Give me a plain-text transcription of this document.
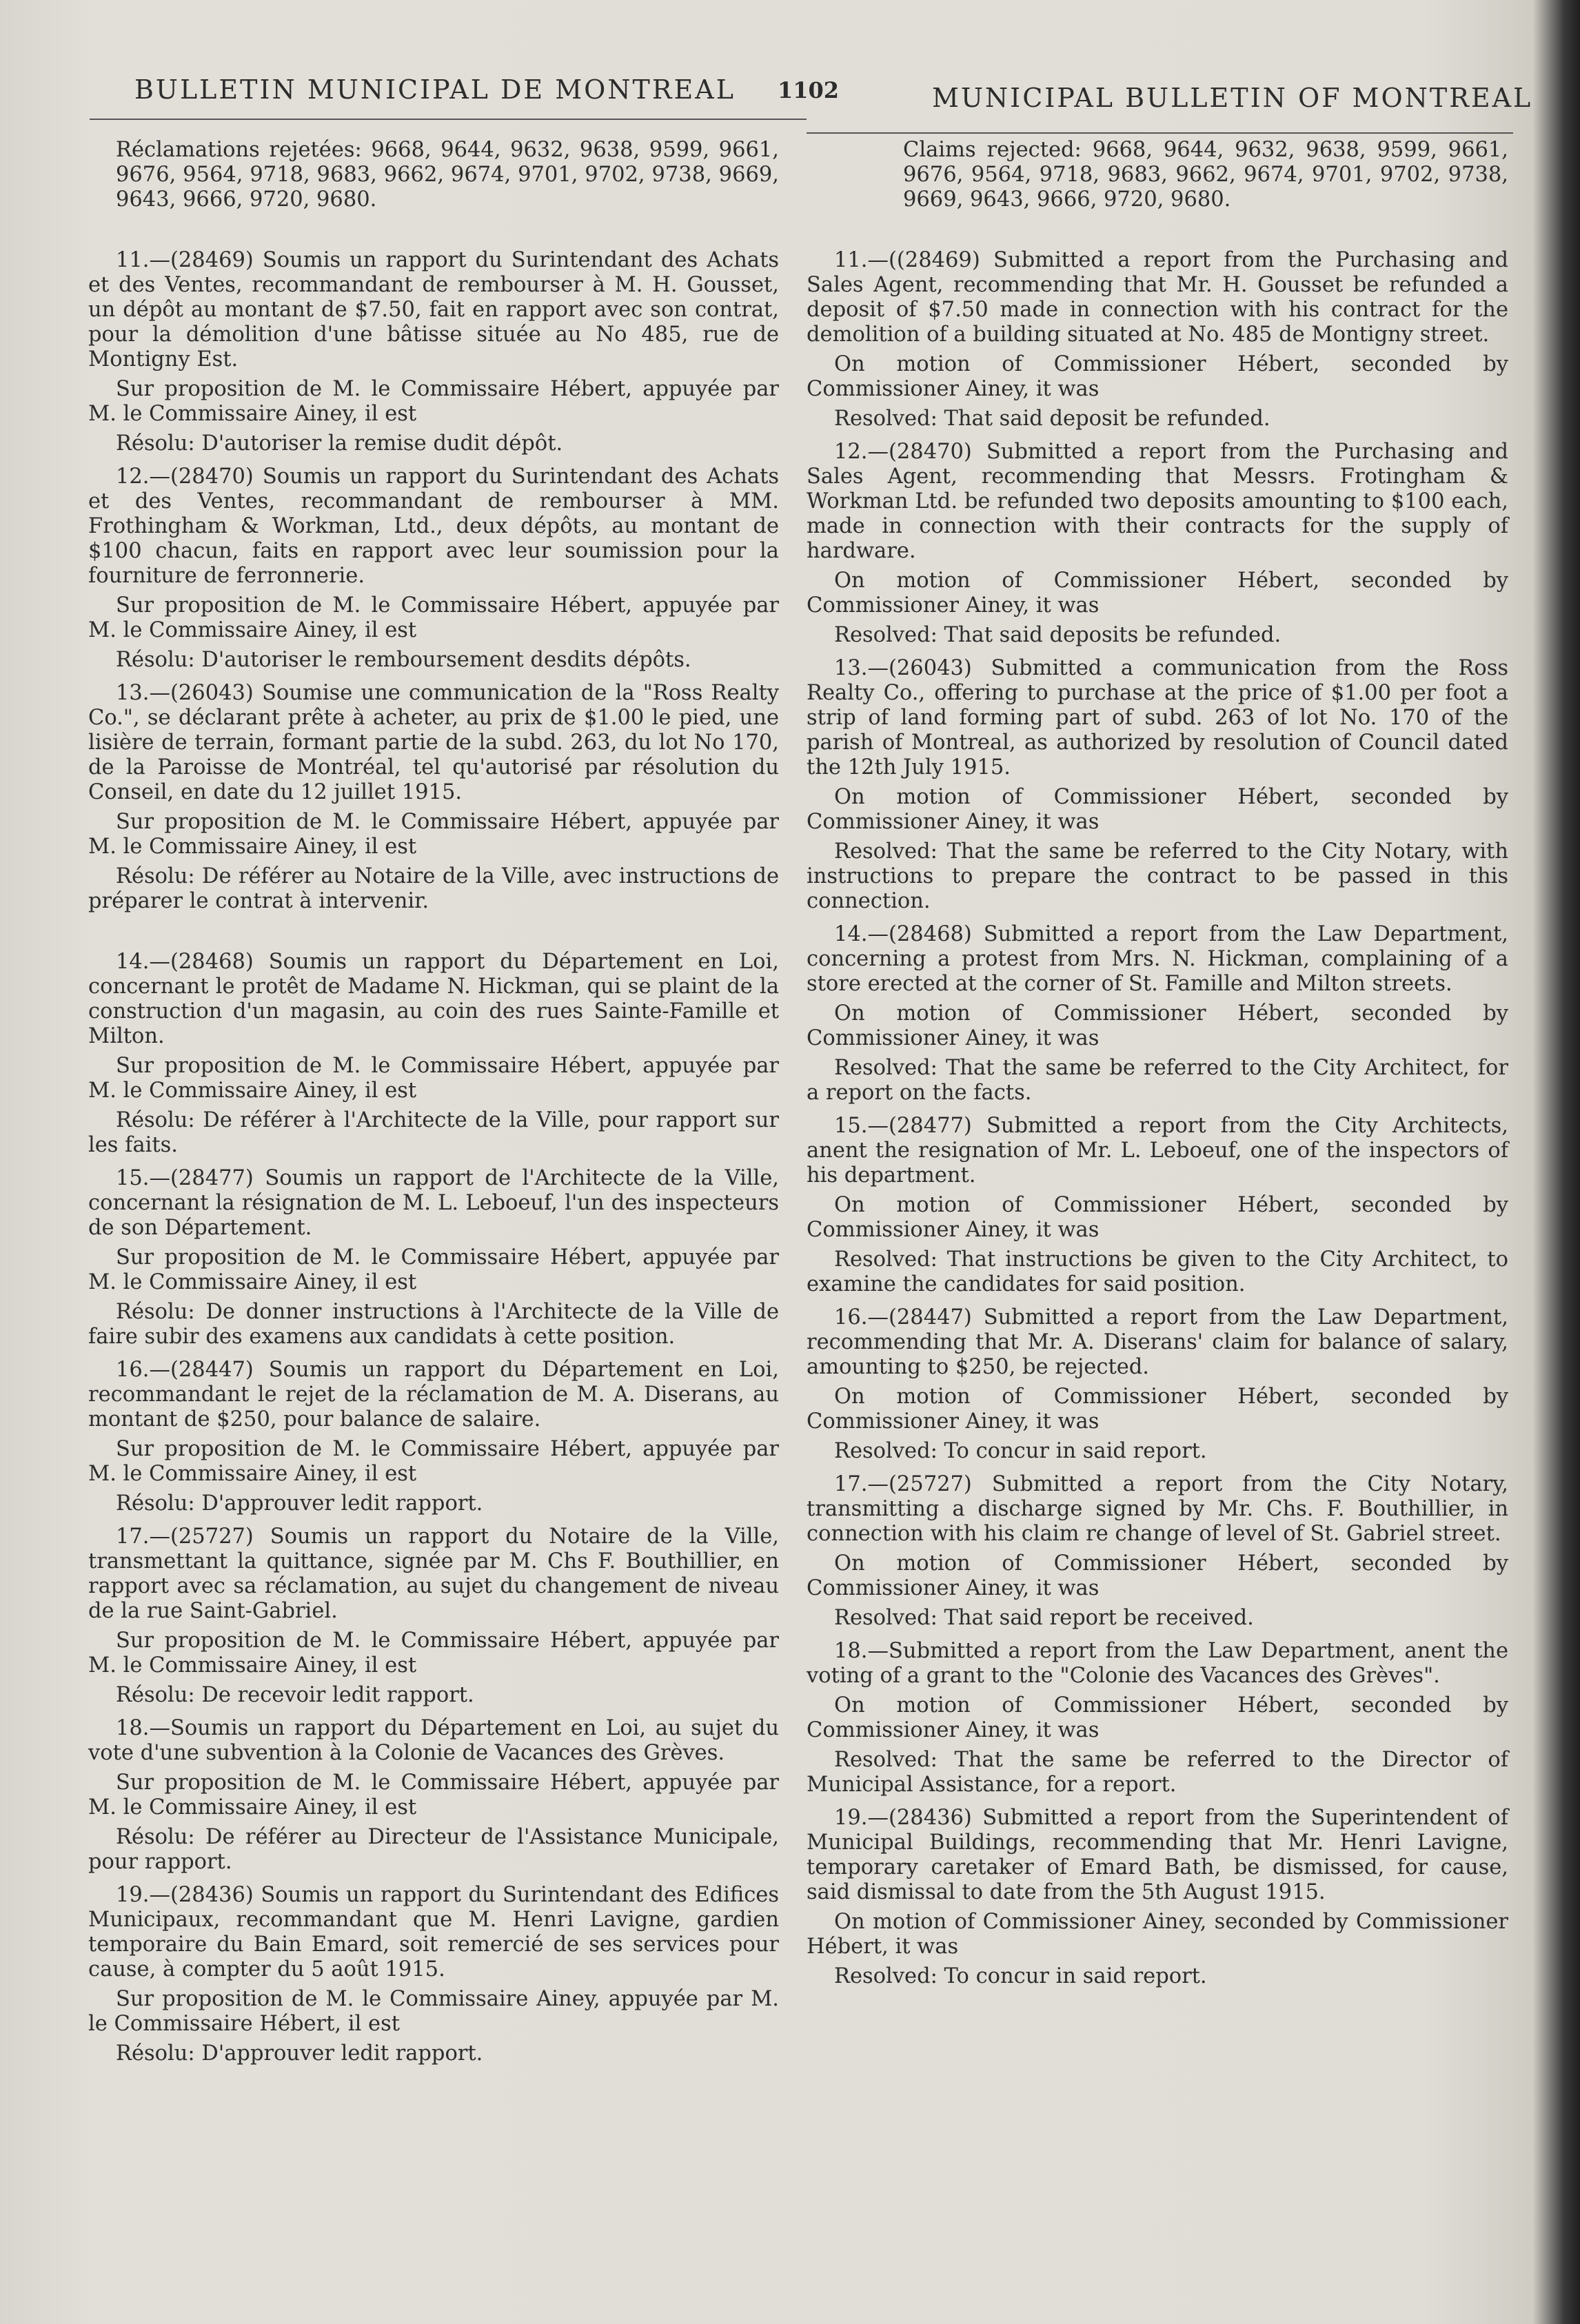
BULLETIN MUNICIPAL DE MONTREAL 1102	MUNICIPAL BULLETIN OF MONTREAL

Réclamations rejetées: 9668, 9644, 9632, 9638, 9599, 9661, 9676, 9564, 9718, 9683, 9662, 9674, 9701, 9702, 9738, 9669, 9643, 9666, 9720, 9680.

11.—(28469) Soumis un rapport du Surintendant des Achats et des Ventes, recommandant de rembourser à M. H. Gousset, un dépôt au montant de $7.50, fait en rapport avec son contrat, pour la démolition d'une bâtisse située au No 485, rue de Montigny Est.

Sur proposition de M. le Commissaire Hébert, appuyée par M. le Commissaire Ainey, il est

Résolu: D'autoriser la remise dudit dépôt.

12.—(28470) Soumis un rapport du Surintendant des Achats et des Ventes, recommandant de rembourser à MM. Frothingham & Workman, Ltd., deux dépôts, au montant de $100 chacun, faits en rapport avec leur soumission pour la fourniture de ferronnerie.

Sur proposition de M. le Commissaire Hébert, appuyée par M. le Commissaire Ainey, il est

Résolu: D'autoriser le remboursement desdits dépôts.

13.—(26043) Soumise une communication de la "Ross Realty Co.", se déclarant prête à acheter, au prix de $1.00 le pied, une lisière de terrain, formant partie de la subd. 263, du lot No 170, de la Paroisse de Montréal, tel qu'autorisé par résolution du Conseil, en date du 12 juillet 1915.

Sur proposition de M. le Commissaire Hébert, appuyée par M. le Commissaire Ainey, il est

Résolu: De référer au Notaire de la Ville, avec instructions de préparer le contrat à intervenir.

14.—(28468) Soumis un rapport du Département en Loi, concernant le protêt de Madame N. Hickman, qui se plaint de la construction d'un magasin, au coin des rues Sainte-Famille et Milton.

Sur proposition de M. le Commissaire Hébert, appuyée par M. le Commissaire Ainey, il est

Résolu: De référer à l'Architecte de la Ville, pour rapport sur les faits.

15.—(28477) Soumis un rapport de l'Architecte de la Ville, concernant la résignation de M. L. Leboeuf, l'un des inspecteurs de son Département.

Sur proposition de M. le Commissaire Hébert, appuyée par M. le Commissaire Ainey, il est

Résolu: De donner instructions à l'Architecte de la Ville de faire subir des examens aux candidats à cette position.

16.—(28447) Soumis un rapport du Département en Loi, recommandant le rejet de la réclamation de M. A. Diserans, au montant de $250, pour balance de salaire.

Sur proposition de M. le Commissaire Hébert, appuyée par M. le Commissaire Ainey, il est

Résolu: D'approuver ledit rapport.

17.—(25727) Soumis un rapport du Notaire de la Ville, transmettant la quittance, signée par M. Chs F. Bouthillier, en rapport avec sa réclamation, au sujet du changement de niveau de la rue Saint-Gabriel.

Sur proposition de M. le Commissaire Hébert, appuyée par M. le Commissaire Ainey, il est

Résolu: De recevoir ledit rapport.

18.—Soumis un rapport du Département en Loi, au sujet du vote d'une subvention à la Colonie de Vacances des Grèves.

Sur proposition de M. le Commissaire Hébert, appuyée par M. le Commissaire Ainey, il est

Résolu: De référer au Directeur de l'Assistance Municipale, pour rapport.

19.—(28436) Soumis un rapport du Surintendant des Edifices Municipaux, recommandant que M. Henri Lavigne, gardien temporaire du Bain Emard, soit remercié de ses services pour cause, à compter du 5 août 1915.

Sur proposition de M. le Commissaire Ainey, appuyée par M. le Commissaire Hébert, il est

Résolu: D'approuver ledit rapport.

Claims rejected: 9668, 9644, 9632, 9638, 9599, 9661, 9676, 9564, 9718, 9683, 9662, 9674, 9701, 9702, 9738, 9669, 9643, 9666, 9720, 9680.

11.—((28469) Submitted a report from the Purchasing and Sales Agent, recommending that Mr. H. Gousset be refunded a deposit of $7.50 made in connection with his contract for the demolition of a building situated at No. 485 de Montigny street.

On motion of Commissioner Hébert, seconded by Commissioner Ainey, it was

Resolved: That said deposit be refunded.

12.—(28470) Submitted a report from the Purchasing and Sales Agent, recommending that Messrs. Frotingham & Workman Ltd. be refunded two deposits amounting to $100 each, made in connection with their contracts for the supply of hardware.

On motion of Commissioner Hébert, seconded by Commissioner Ainey, it was

Resolved: That said deposits be refunded.

13.—(26043) Submitted a communication from the Ross Realty Co., offering to purchase at the price of $1.00 per foot a strip of land forming part of subd. 263 of lot No. 170 of the parish of Montreal, as authorized by resolution of Council dated the 12th July 1915.

On motion of Commissioner Hébert, seconded by Commissioner Ainey, it was

Resolved: That the same be referred to the City Notary, with instructions to prepare the contract to be passed in this connection.

14.—(28468) Submitted a report from the Law Department, concerning a protest from Mrs. N. Hickman, complaining of a store erected at the corner of St. Famille and Milton streets.

On motion of Commissioner Hébert, seconded by Commissioner Ainey, it was

Resolved: That the same be referred to the City Architect, for a report on the facts.

15.—(28477) Submitted a report from the City Architects, anent the resignation of Mr. L. Leboeuf, one of the inspectors of his department.

On motion of Commissioner Hébert, seconded by Commissioner Ainey, it was

Resolved: That instructions be given to the City Architect, to examine the candidates for said position.

16.—(28447) Submitted a report from the Law Department, recommending that Mr. A. Diserans' claim for balance of salary, amounting to $250, be rejected.

On motion of Commissioner Hébert, seconded by Commissioner Ainey, it was

Resolved: To concur in said report.

17.—(25727) Submitted a report from the City Notary, transmitting a discharge signed by Mr. Chs. F. Bouthillier, in connection with his claim re change of level of St. Gabriel street.

On motion of Commissioner Hébert, seconded by Commissioner Ainey, it was

Resolved: That said report be received.

18.—Submitted a report from the Law Department, anent the voting of a grant to the "Colonie des Vacances des Grèves".

On motion of Commissioner Hébert, seconded by Commissioner Ainey, it was

Resolved: That the same be referred to the Director of Municipal Assistance, for a report.

19.—(28436) Submitted a report from the Superintendent of Municipal Buildings, recommending that Mr. Henri Lavigne, temporary caretaker of Emard Bath, be dismissed, for cause, said dismissal to date from the 5th August 1915.

On motion of Commissioner Ainey, seconded by Commissioner Hébert, it was

Resolved: To concur in said report.
